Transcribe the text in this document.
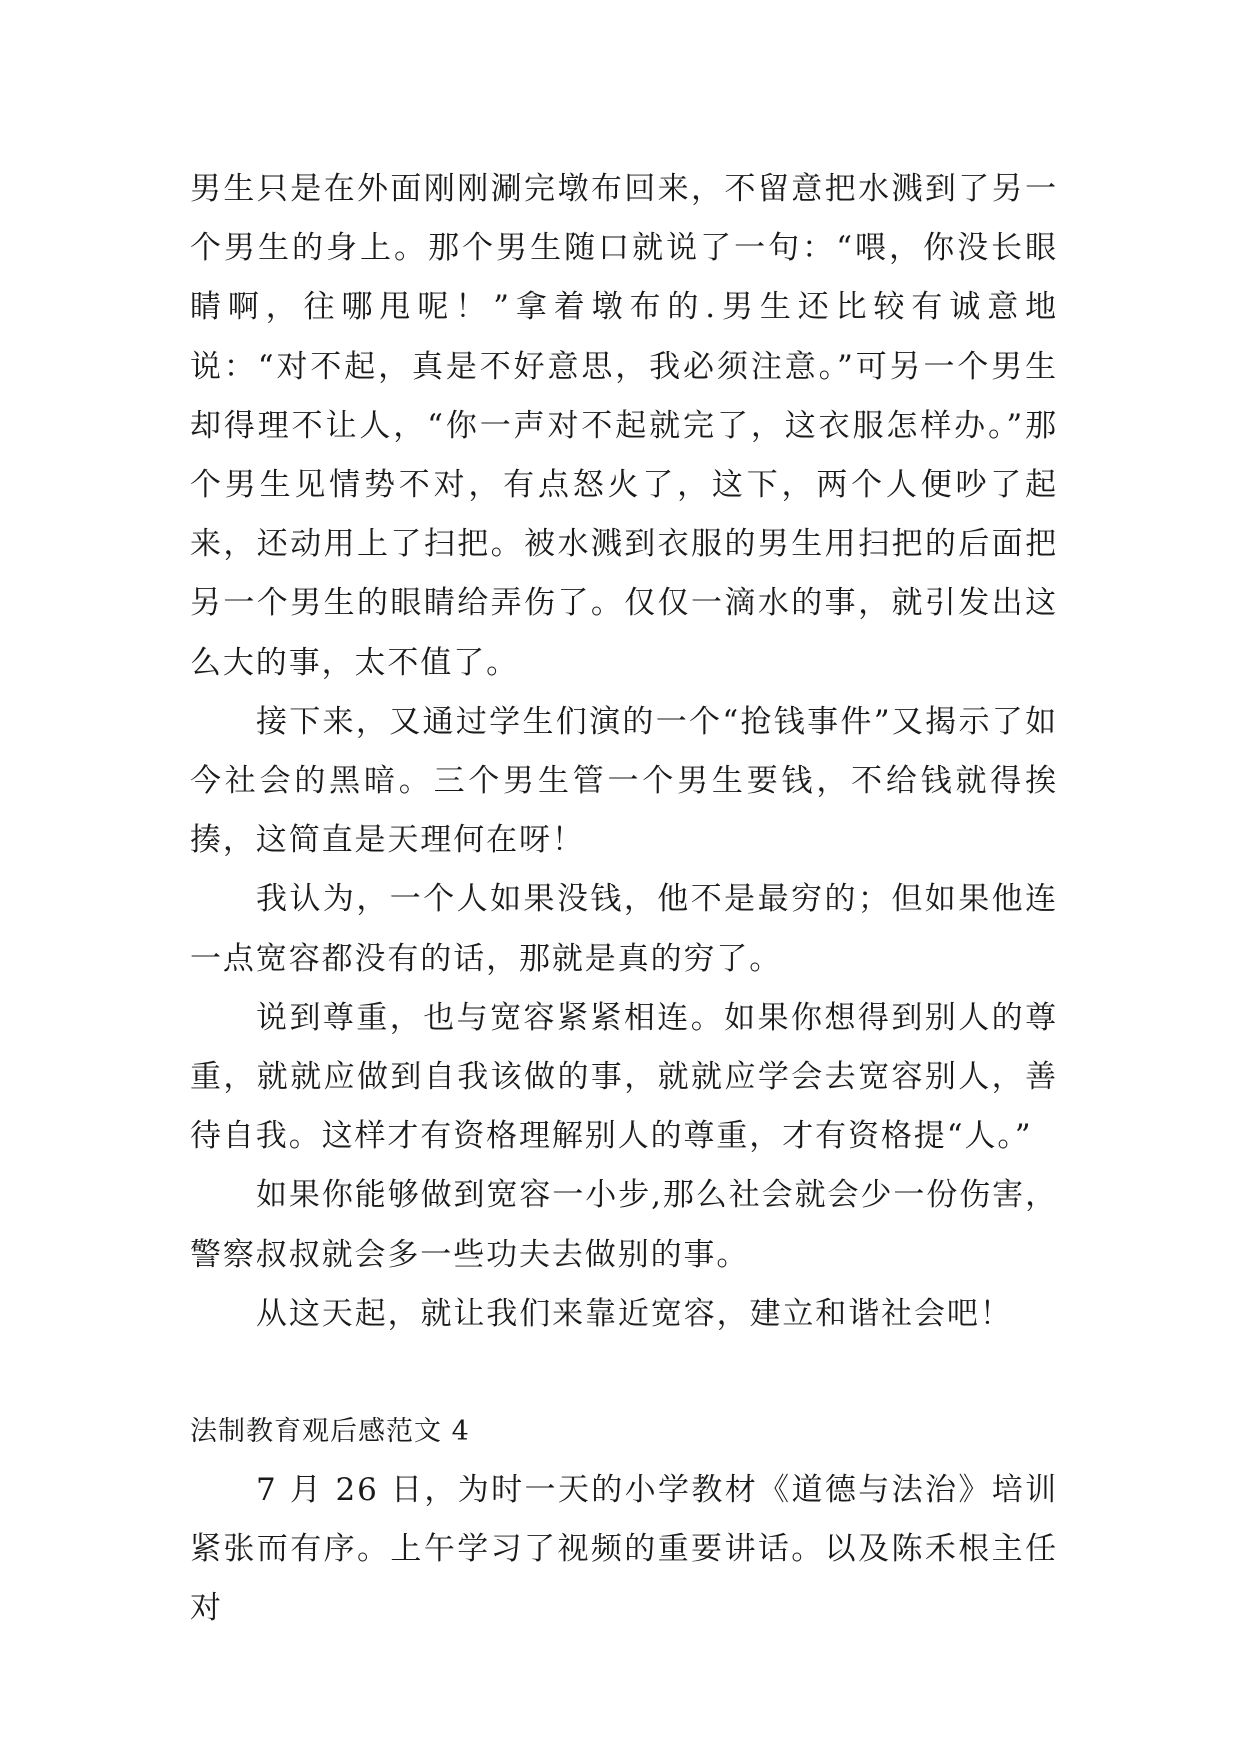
男生只是在外面刚刚涮完墩布回来，不留意把水溅到了另一个男生的身上。那个男生随口就说了一句：“喂，你没长眼睛啊，往哪甩呢！”拿着墩布的.男生还比较有诚意地说：“对不起，真是不好意思，我必须注意。”可另一个男生却得理不让人，“你一声对不起就完了，这衣服怎样办。”那个男生见情势不对，有点怒火了，这下，两个人便吵了起来，还动用上了扫把。被水溅到衣服的男生用扫把的后面把另一个男生的眼睛给弄伤了。仅仅一滴水的事，就引发出这么大的事，太不值了。

接下来，又通过学生们演的一个“抢钱事件”又揭示了如今社会的黑暗。三个男生管一个男生要钱，不给钱就得挨揍，这简直是天理何在呀！

我认为，一个人如果没钱，他不是最穷的；但如果他连一点宽容都没有的话，那就是真的穷了。

说到尊重，也与宽容紧紧相连。如果你想得到别人的尊重，就就应做到自我该做的事，就就应学会去宽容别人，善待自我。这样才有资格理解别人的尊重，才有资格提“人。”

如果你能够做到宽容一小步,那么社会就会少一份伤害，警察叔叔就会多一些功夫去做别的事。

从这天起，就让我们来靠近宽容，建立和谐社会吧！

法制教育观后感范文 4

7 月 26 日，为时一天的小学教材《道德与法治》培训紧张而有序。上午学习了视频的重要讲话。以及陈禾根主任对
